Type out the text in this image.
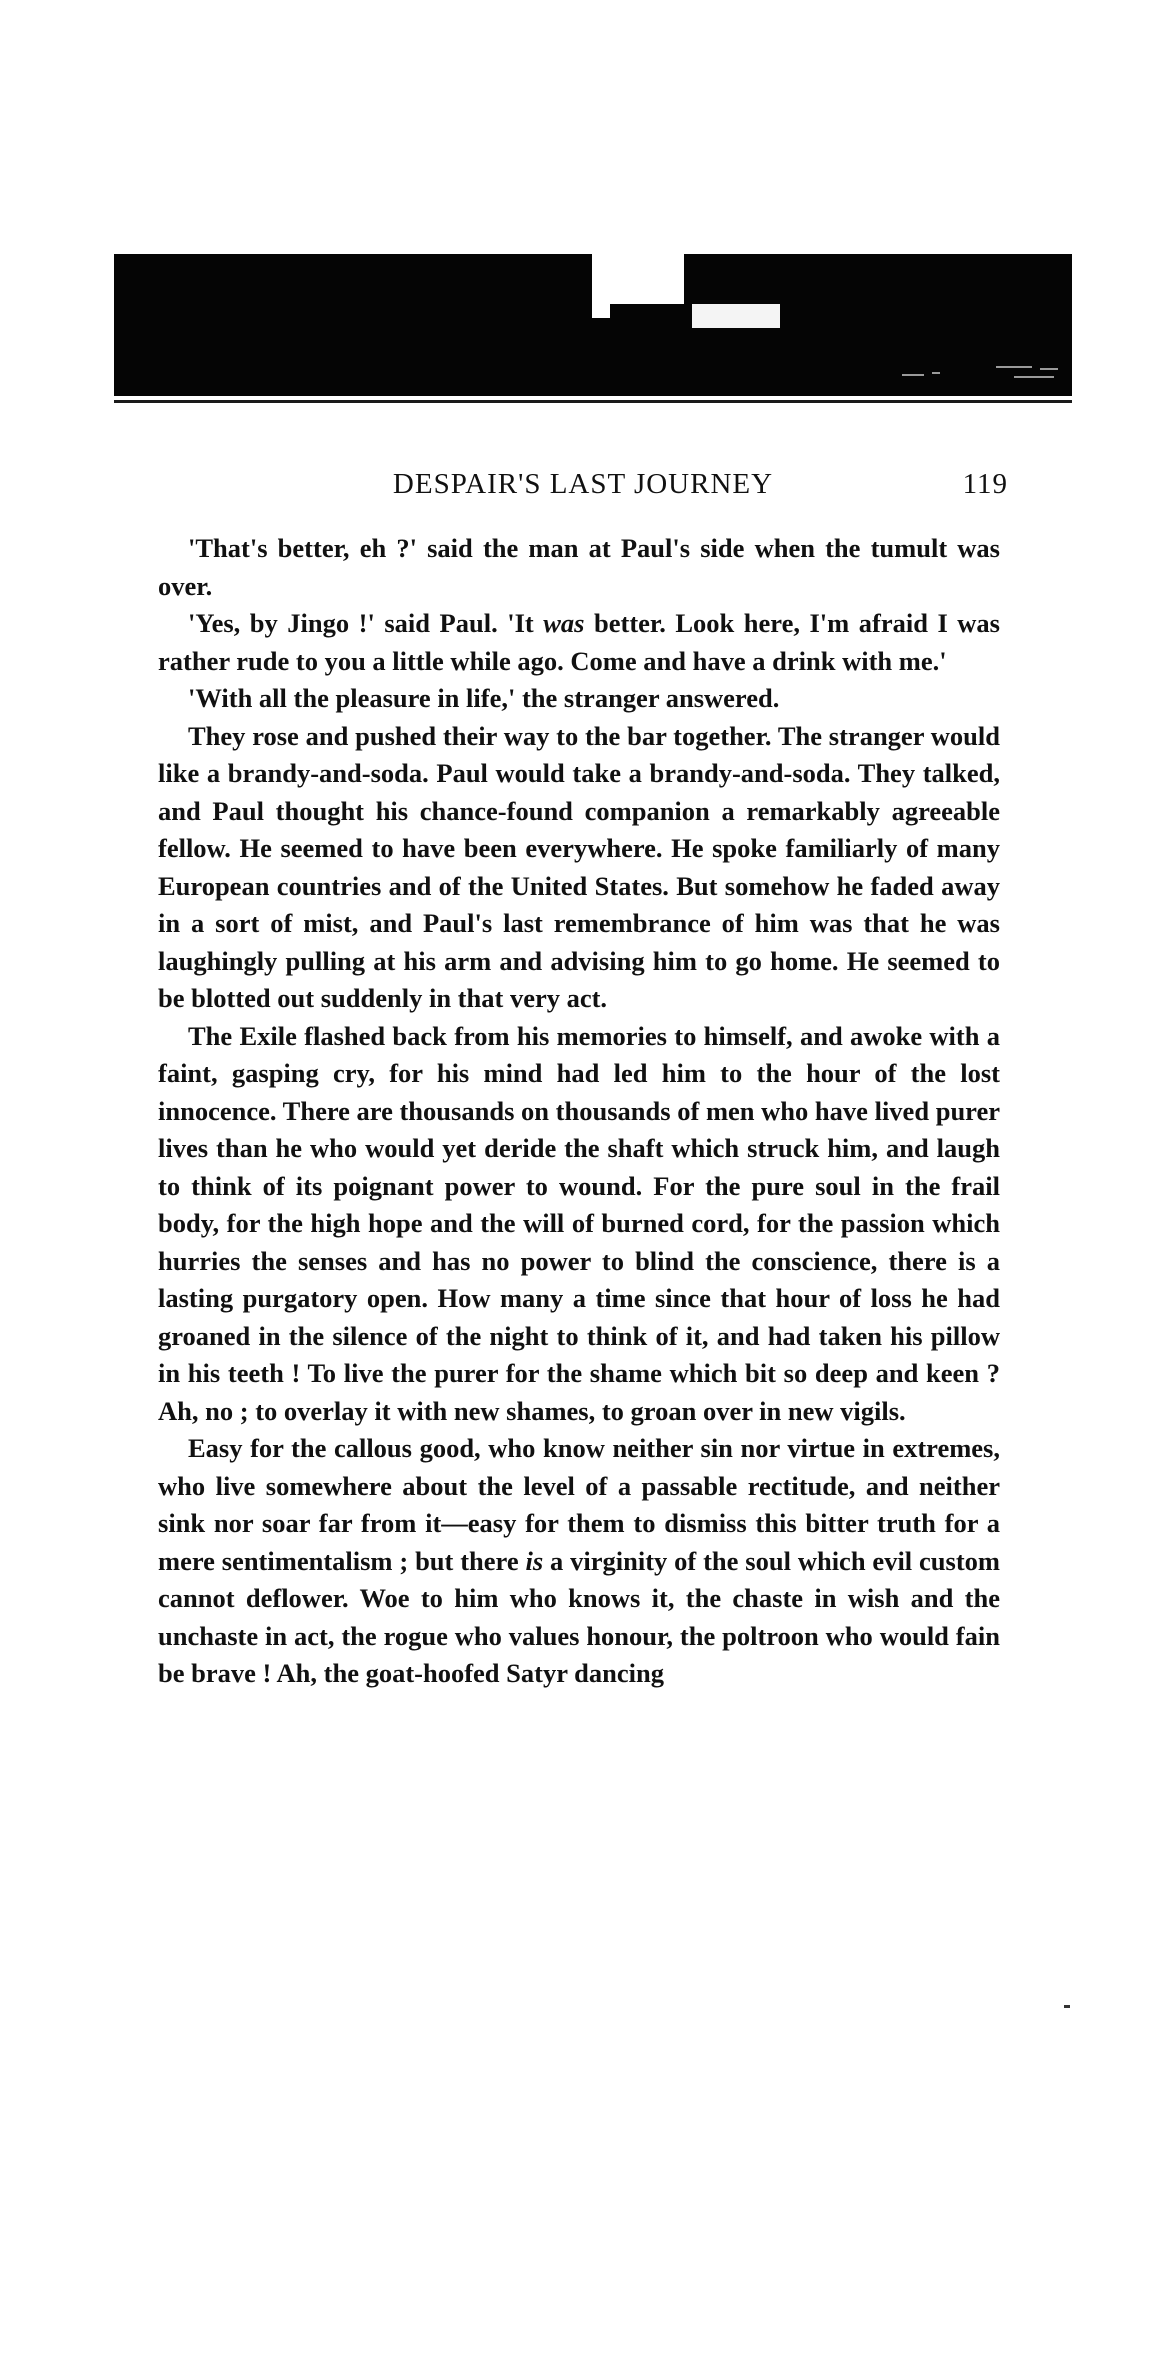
DESPAIR'S LAST JOURNEY	119

'That's better, eh ?' said the man at Paul's side when the tumult was over.

'Yes, by Jingo !' said Paul. 'It was better. Look here, I'm afraid I was rather rude to you a little while ago. Come and have a drink with me.'

'With all the pleasure in life,' the stranger answered.

They rose and pushed their way to the bar together. The stranger would like a brandy-and-soda. Paul would take a brandy-and-soda. They talked, and Paul thought his chance-found companion a remarkably agreeable fellow. He seemed to have been everywhere. He spoke familiarly of many European countries and of the United States. But somehow he faded away in a sort of mist, and Paul's last remembrance of him was that he was laughingly pulling at his arm and advising him to go home. He seemed to be blotted out suddenly in that very act.

The Exile flashed back from his memories to himself, and awoke with a faint, gasping cry, for his mind had led him to the hour of the lost innocence. There are thousands on thousands of men who have lived purer lives than he who would yet deride the shaft which struck him, and laugh to think of its poignant power to wound. For the pure soul in the frail body, for the high hope and the will of burned cord, for the passion which hurries the senses and has no power to blind the conscience, there is a lasting purgatory open. How many a time since that hour of loss he had groaned in the silence of the night to think of it, and had taken his pillow in his teeth ! To live the purer for the shame which bit so deep and keen ? Ah, no ; to overlay it with new shames, to groan over in new vigils.

Easy for the callous good, who know neither sin nor virtue in extremes, who live somewhere about the level of a passable rectitude, and neither sink nor soar far from it—easy for them to dismiss this bitter truth for a mere sentimentalism ; but there is a virginity of the soul which evil custom cannot deflower. Woe to him who knows it, the chaste in wish and the unchaste in act, the rogue who values honour, the poltroon who would fain be brave ! Ah, the goat-hoofed Satyr dancing
